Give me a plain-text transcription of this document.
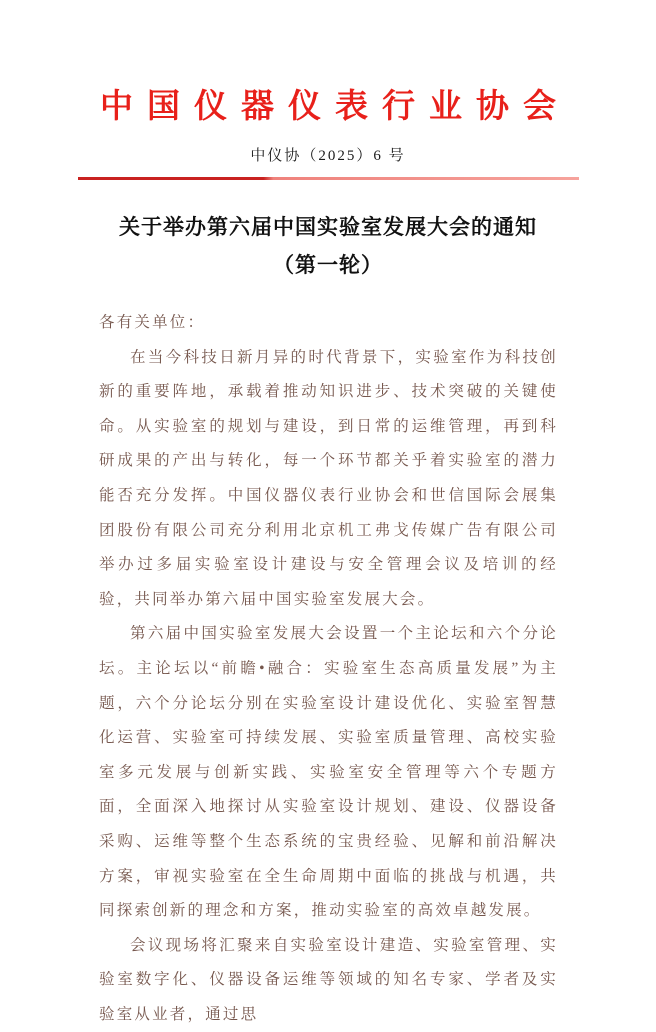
中国仪器仪表行业协会
中仪协（2025）6 号
关于举办第六届中国实验室发展大会的通知
（第一轮）

各有关单位：

在当今科技日新月异的时代背景下，实验室作为科技创新的重要阵地，承载着推动知识进步、技术突破的关键使命。从实验室的规划与建设，到日常的运维管理，再到科研成果的产出与转化，每一个环节都关乎着实验室的潜力能否充分发挥。中国仪器仪表行业协会和世信国际会展集团股份有限公司充分利用北京机工弗戈传媒广告有限公司举办过多届实验室设计建设与安全管理会议及培训的经验，共同举办第六届中国实验室发展大会。

第六届中国实验室发展大会设置一个主论坛和六个分论坛。主论坛以“前瞻•融合：实验室生态高质量发展”为主题，六个分论坛分别在实验室设计建设优化、实验室智慧化运营、实验室可持续发展、实验室质量管理、高校实验室多元发展与创新实践、实验室安全管理等六个专题方面，全面深入地探讨从实验室设计规划、建设、仪器设备采购、运维等整个生态系统的宝贵经验、见解和前沿解决方案，审视实验室在全生命周期中面临的挑战与机遇，共同探索创新的理念和方案，推动实验室的高效卓越发展。

会议现场将汇聚来自实验室设计建造、实验室管理、实验室数字化、仪器设备运维等领域的知名专家、学者及实验室从业者，通过思
